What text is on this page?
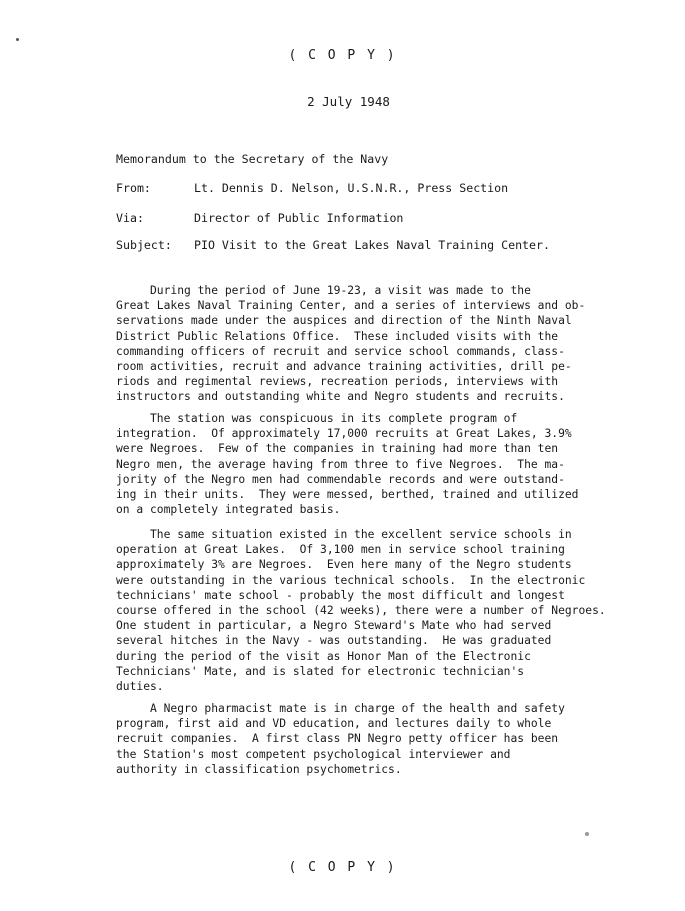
( C O P Y )
2 July 1948
Memorandum to the Secretary of the Navy
From:	Lt. Dennis D. Nelson, U.S.N.R., Press Section
Via:	Director of Public Information
Subject: PIO Visit to the Great Lakes Naval Training Center.
During the period of June 19-23, a visit was made to the
Great Lakes Naval Training Center, and a series of interviews and ob-
servations made under the auspices and direction of the Ninth Naval
District Public Relations Office.  These included visits with the
commanding officers of recruit and service school commands, class-
room activities, recruit and advance training activities, drill pe-
riods and regimental reviews, recreation periods, interviews with
instructors and outstanding white and Negro students and recruits.
The station was conspicuous in its complete program of
integration.  Of approximately 17,000 recruits at Great Lakes, 3.9%
were Negroes.  Few of the companies in training had more than ten
Negro men, the average having from three to five Negroes.  The ma-
jority of the Negro men had commendable records and were outstand-
ing in their units.  They were messed, berthed, trained and utilized
on a completely integrated basis.
The same situation existed in the excellent service schools in
operation at Great Lakes.  Of 3,100 men in service school training
approximately 3% are Negroes.  Even here many of the Negro students
were outstanding in the various technical schools.  In the electronic
technicians' mate school - probably the most difficult and longest
course offered in the school (42 weeks), there were a number of Negroes.
One student in particular, a Negro Steward's Mate who had served
several hitches in the Navy - was outstanding.  He was graduated
during the period of the visit as Honor Man of the Electronic
Technicians' Mate, and is slated for electronic technician's
duties.
A Negro pharmacist mate is in charge of the health and safety
program, first aid and VD education, and lectures daily to whole
recruit companies.  A first class PN Negro petty officer has been
the Station's most competent psychological interviewer and
authority in classification psychometrics.
( C O P Y )
